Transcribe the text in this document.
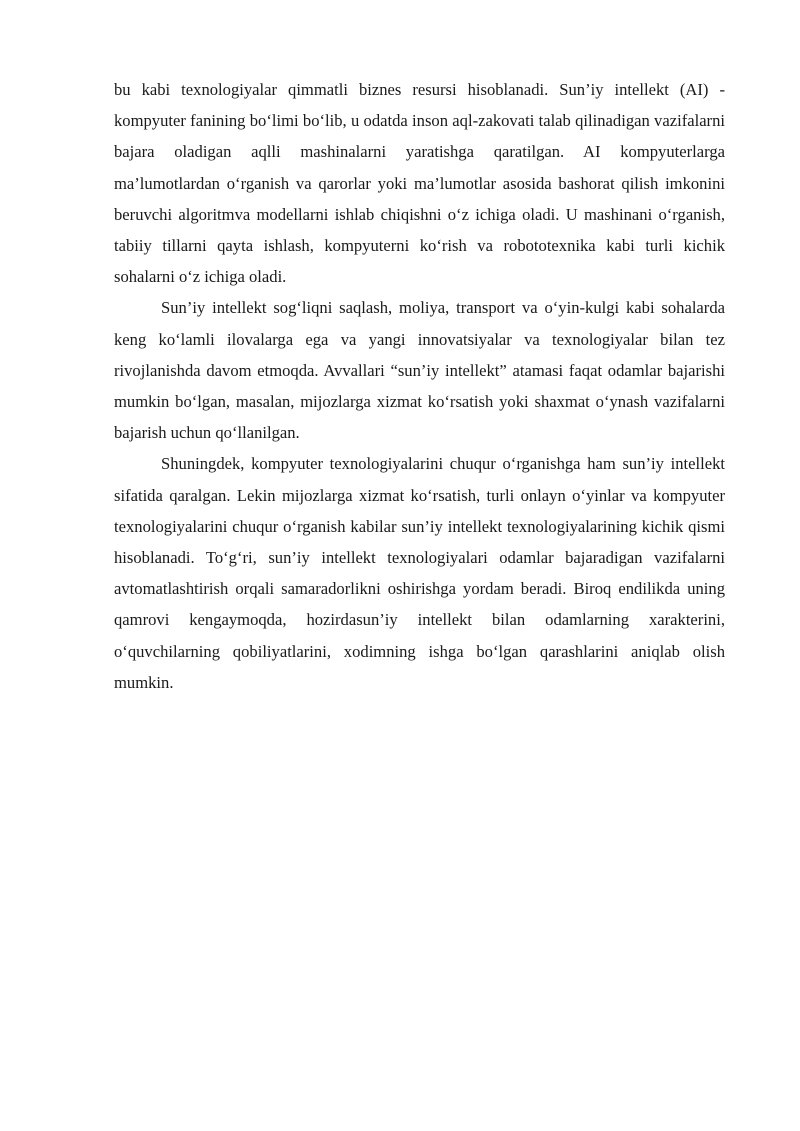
bu kabi texnologiyalar qimmatli biznes resursi hisoblanadi. Sun’iy intellekt (AI) -kompyuter fanining bo‘limi bo‘lib, u odatda inson aql-zakovati talab qilinadigan vazifalarni bajara oladigan aqlli mashinalarni yaratishga qaratilgan. AI kompyuterlarga ma’lumotlardan o‘rganish va qarorlar yoki ma’lumotlar asosida bashorat qilish imkonini beruvchi algoritmva modellarni ishlab chiqishni o‘z ichiga oladi. U mashinani o‘rganish, tabiiy tillarni qayta ishlash, kompyuterni ko‘rish va robototexnika kabi turli kichik sohalarni o‘z ichiga oladi.

Sun’iy intellekt sog‘liqni saqlash, moliya, transport va o‘yin-kulgi kabi sohalarda keng ko‘lamli ilovalarga ega va yangi innovatsiyalar va texnologiyalar bilan tez rivojlanishda davom etmoqda. Avvallari “sun’iy intellekt” atamasi faqat odamlar bajarishi mumkin bo‘lgan, masalan, mijozlarga xizmat ko‘rsatish yoki shaxmat o‘ynash vazifalarni bajarish uchun qo‘llanilgan.

Shuningdek, kompyuter texnologiyalarini chuqur o‘rganishga ham sun’iy intellekt sifatida qaralgan. Lekin mijozlarga xizmat ko‘rsatish, turli onlayn o‘yinlar va kompyuter texnologiyalarini chuqur o‘rganish kabilar sun’iy intellekt texnologiyalarining kichik qismi hisoblanadi. To‘g‘ri, sun’iy intellekt texnologiyalari odamlar bajaradigan vazifalarni avtomatlashtirish orqali samaradorlikni oshirishga yordam beradi. Biroq endilikda uning qamrovi kengaymoqda, hozirdasun’iy intellekt bilan odamlarning xarakterini, o‘quvchilarning qobiliyatlarini, xodimning ishga bo‘lgan qarashlarini aniqlab olish mumkin.
